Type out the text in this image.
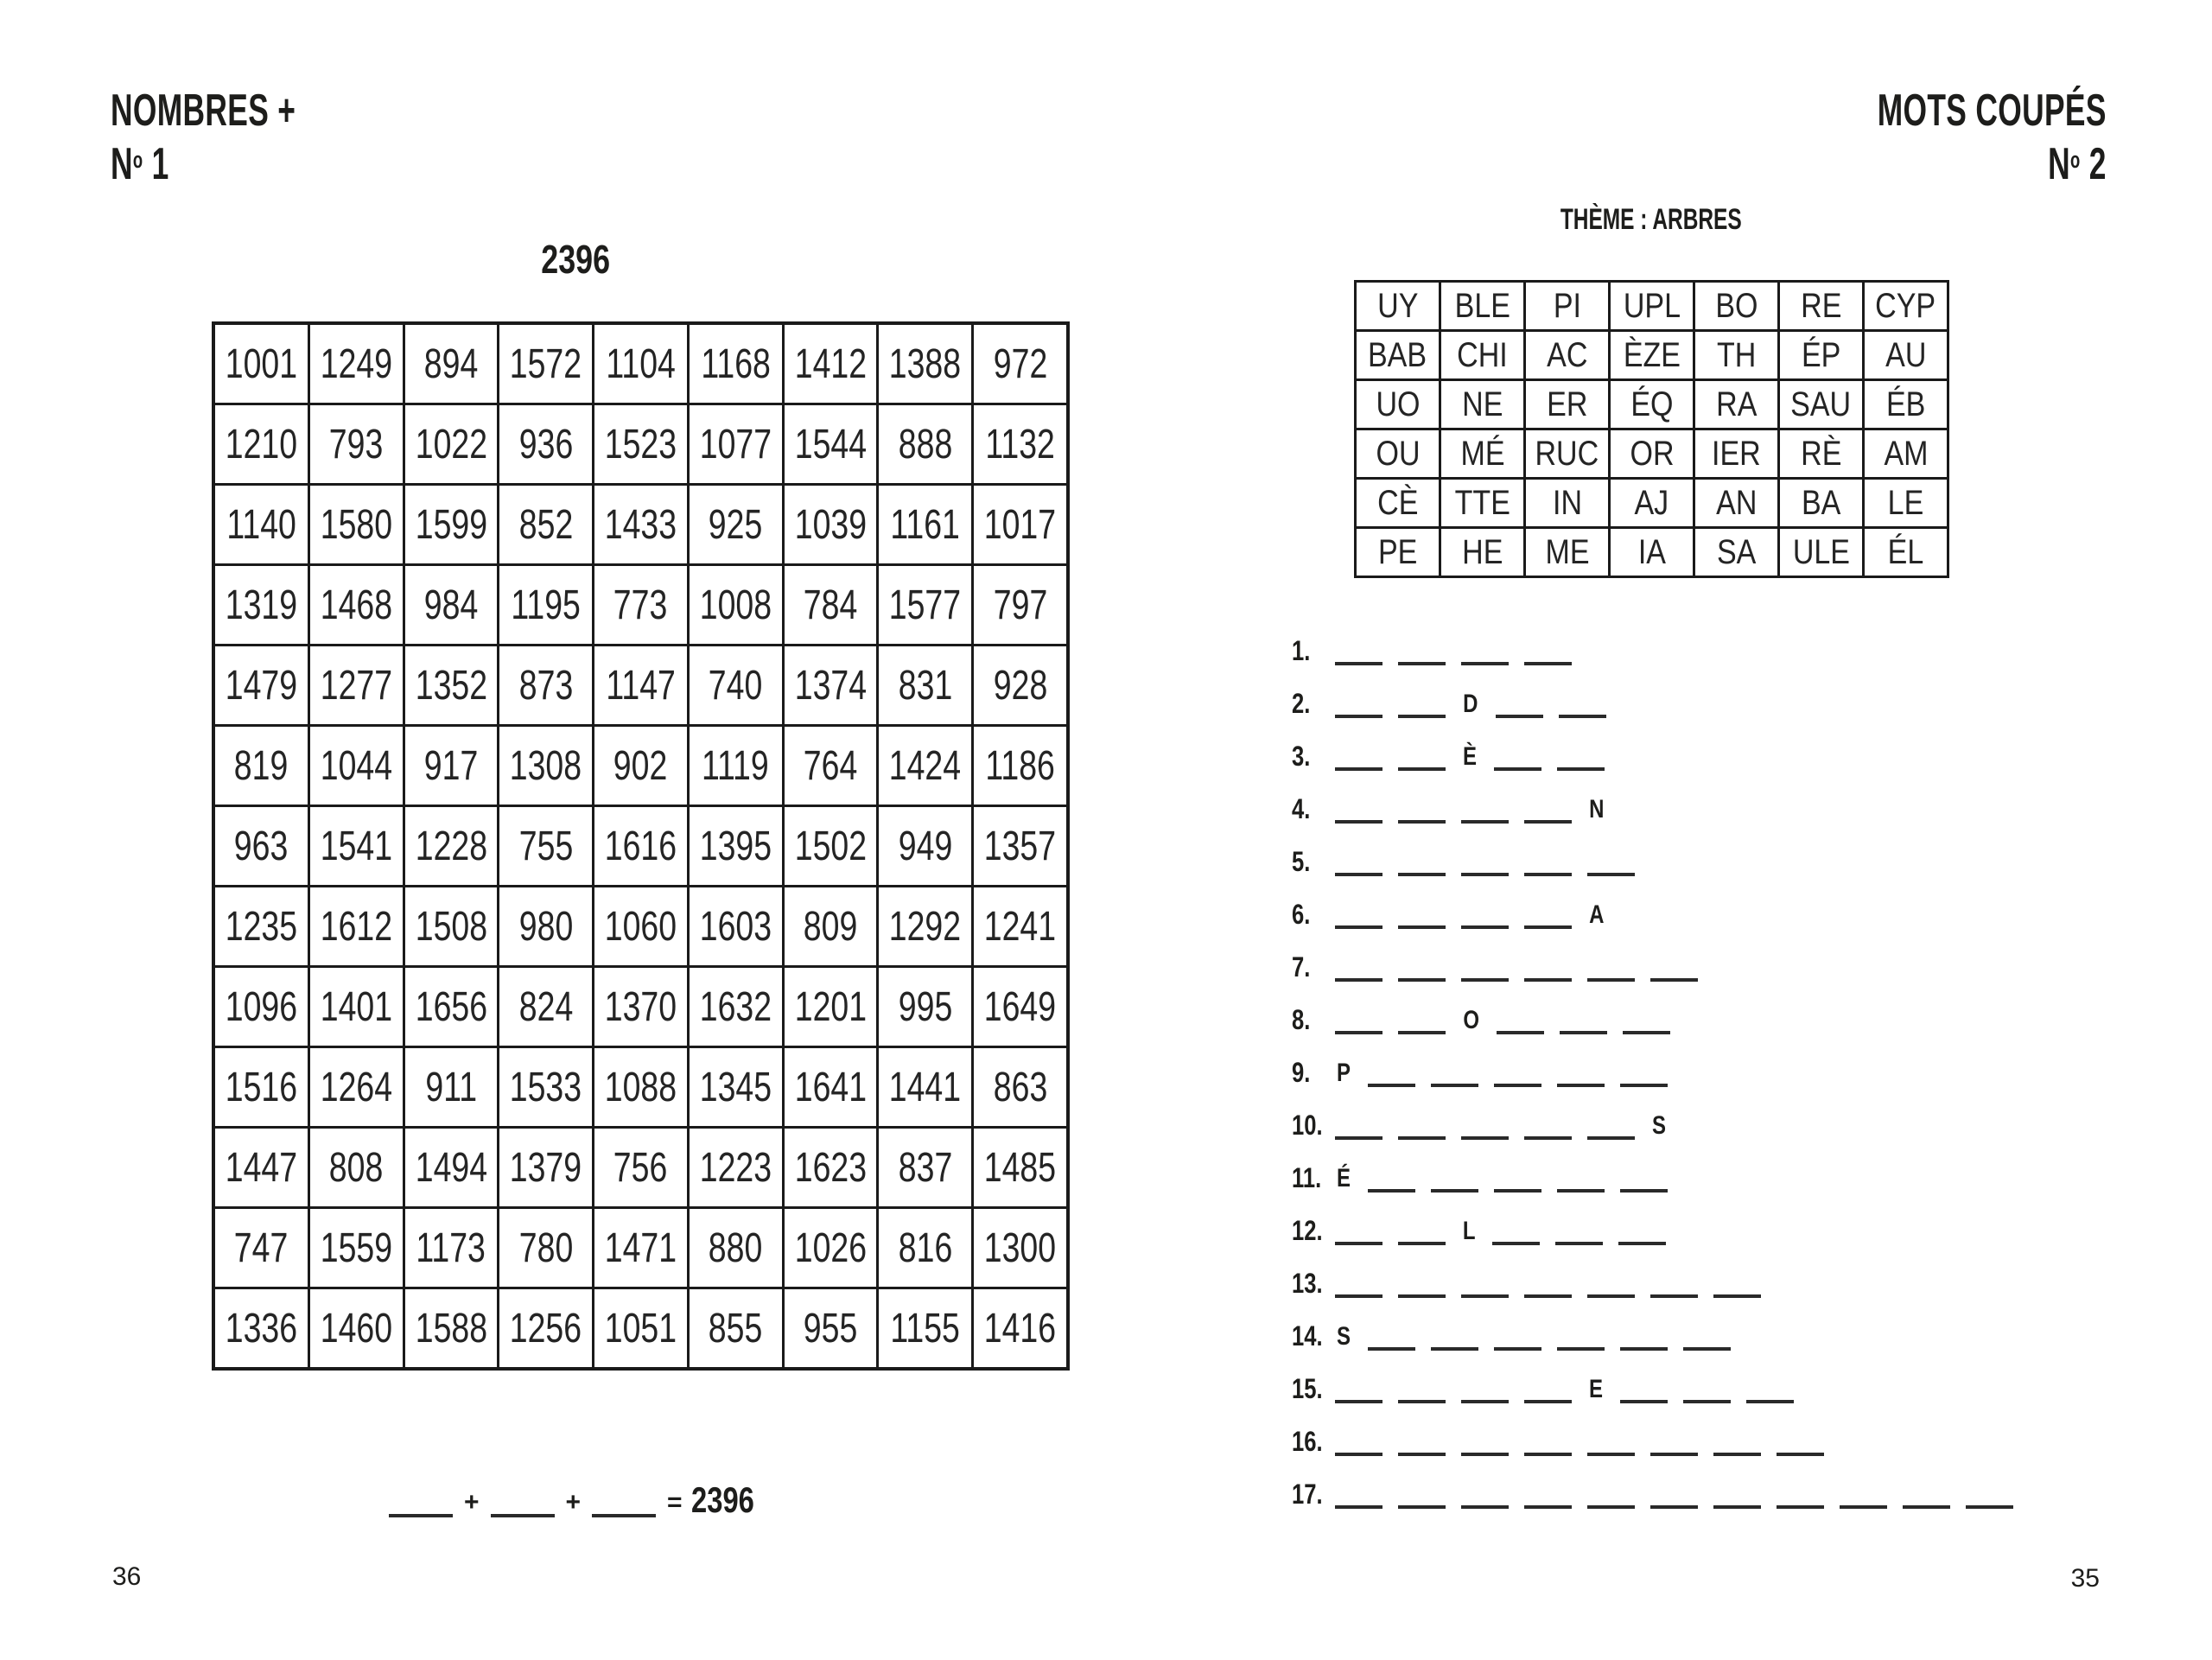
NOMBRES +
$N^o$ 1
2396
1001	1249	894	1572	1104	1168	1412	1388	972
1210	793	1022	936	1523	1077	1544	888	1132
1140	1580	1599	852	1433	925	1039	1161	1017
1319	1468	984	1195	773	1008	784	1577	797
1479	1277	1352	873	1147	740	1374	831	928
819	1044	917	1308	902	1119	764	1424	1186
963	1541	1228	755	1616	1395	1502	949	1357
1235	1612	1508	980	1060	1603	809	1292	1241
1096	1401	1656	824	1370	1632	1201	995	1649
1516	1264	911	1533	1088	1345	1641	1441	863
1447	808	1494	1379	756	1223	1623	837	1485
747	1559	1173	780	1471	880	1026	816	1300
1336	1460	1588	1256	1051	855	955	1155	1416
+	+	= 2396
36
MOTS COUPÉS
$N^o$ 2
THÈME : ARBRES
UY	BLE	PI	UPL	BO	RE	CYP
BAB	CHI	AC	ÈZE	TH	ÉP	AU
UO	NE	ER	ÉQ	RA	SAU	ÉB
OU	MÉ	RUC	OR	IER	RÈ	AM
CÈ	TTE	IN	AJ	AN	BA	LE
PE	HE	ME	IA	SA	ULE	ÉL
1.
2.	D
3.	È
4.	N
5.
6.	A
7.
8.	O
9.	P
10.	S
11. É
12.	L
13.
14. S
15.	E
16.
17.
35
